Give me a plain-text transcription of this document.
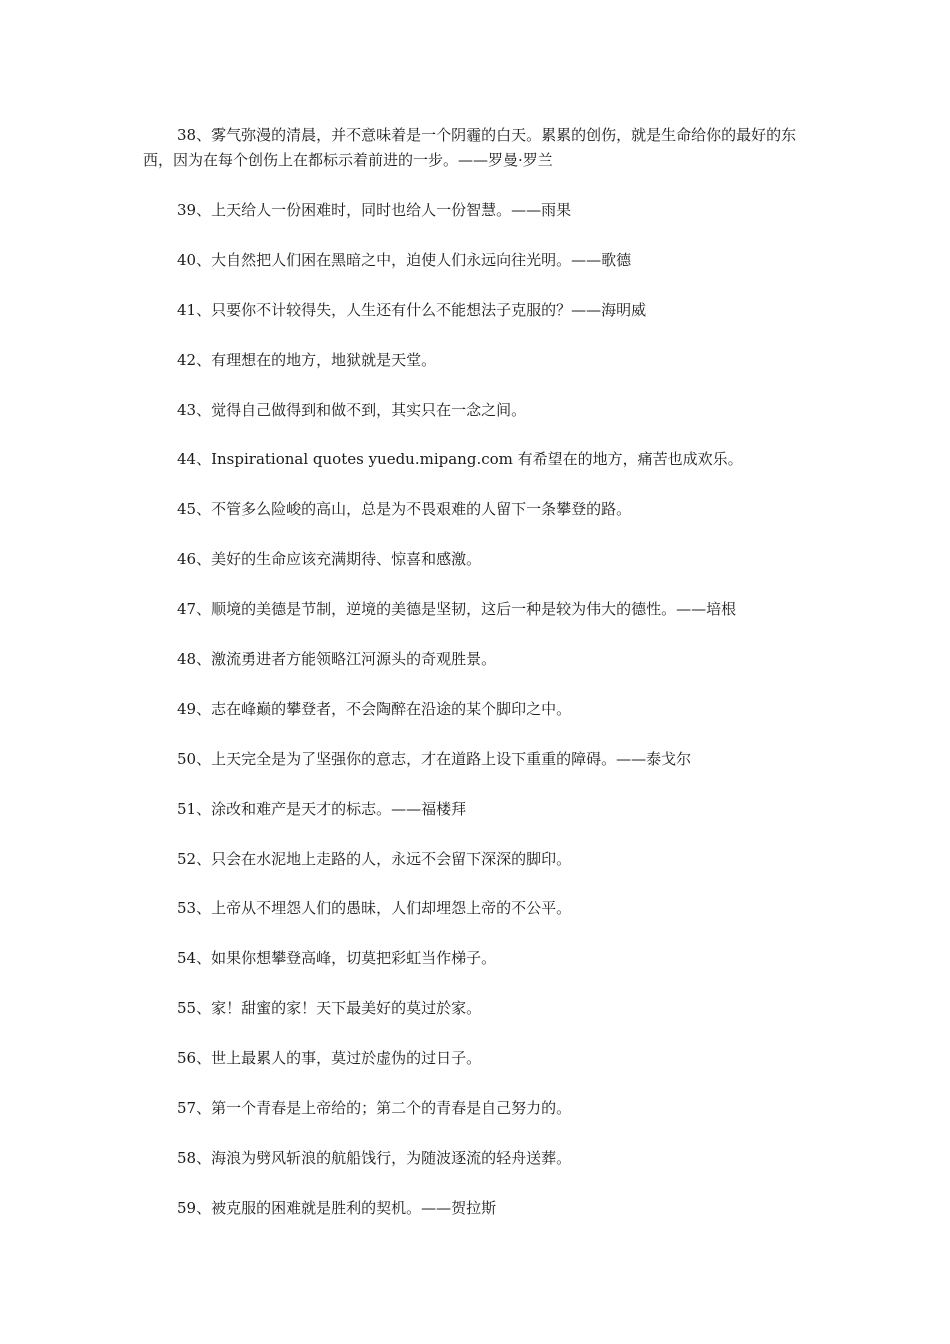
38、雾气弥漫的清晨，并不意味着是一个阴霾的白天。累累的创伤，就是生命给你的最好的东西，因为在每个创伤上在都标示着前进的一步。——罗曼·罗兰

39、上天给人一份困难时，同时也给人一份智慧。——雨果

40、大自然把人们困在黑暗之中，迫使人们永远向往光明。——歌德

41、只要你不计较得失，人生还有什么不能想法子克服的？——海明威

42、有理想在的地方，地狱就是天堂。

43、觉得自己做得到和做不到，其实只在一念之间。

44、Inspirational quotes yuedu.mipang.com 有希望在的地方，痛苦也成欢乐。

45、不管多么险峻的高山，总是为不畏艰难的人留下一条攀登的路。

46、美好的生命应该充满期待、惊喜和感激。

47、顺境的美德是节制，逆境的美德是坚韧，这后一种是较为伟大的德性。——培根

48、激流勇进者方能领略江河源头的奇观胜景。

49、志在峰巅的攀登者，不会陶醉在沿途的某个脚印之中。

50、上天完全是为了坚强你的意志，才在道路上设下重重的障碍。——泰戈尔

51、涂改和难产是天才的标志。——福楼拜

52、只会在水泥地上走路的人，永远不会留下深深的脚印。

53、上帝从不埋怨人们的愚昧，人们却埋怨上帝的不公平。

54、如果你想攀登高峰，切莫把彩虹当作梯子。

55、家！甜蜜的家！天下最美好的莫过於家。

56、世上最累人的事，莫过於虚伪的过日子。

57、第一个青春是上帝给的；第二个的青春是自己努力的。

58、海浪为劈风斩浪的航船饯行，为随波逐流的轻舟送葬。

59、被克服的困难就是胜利的契机。——贺拉斯
